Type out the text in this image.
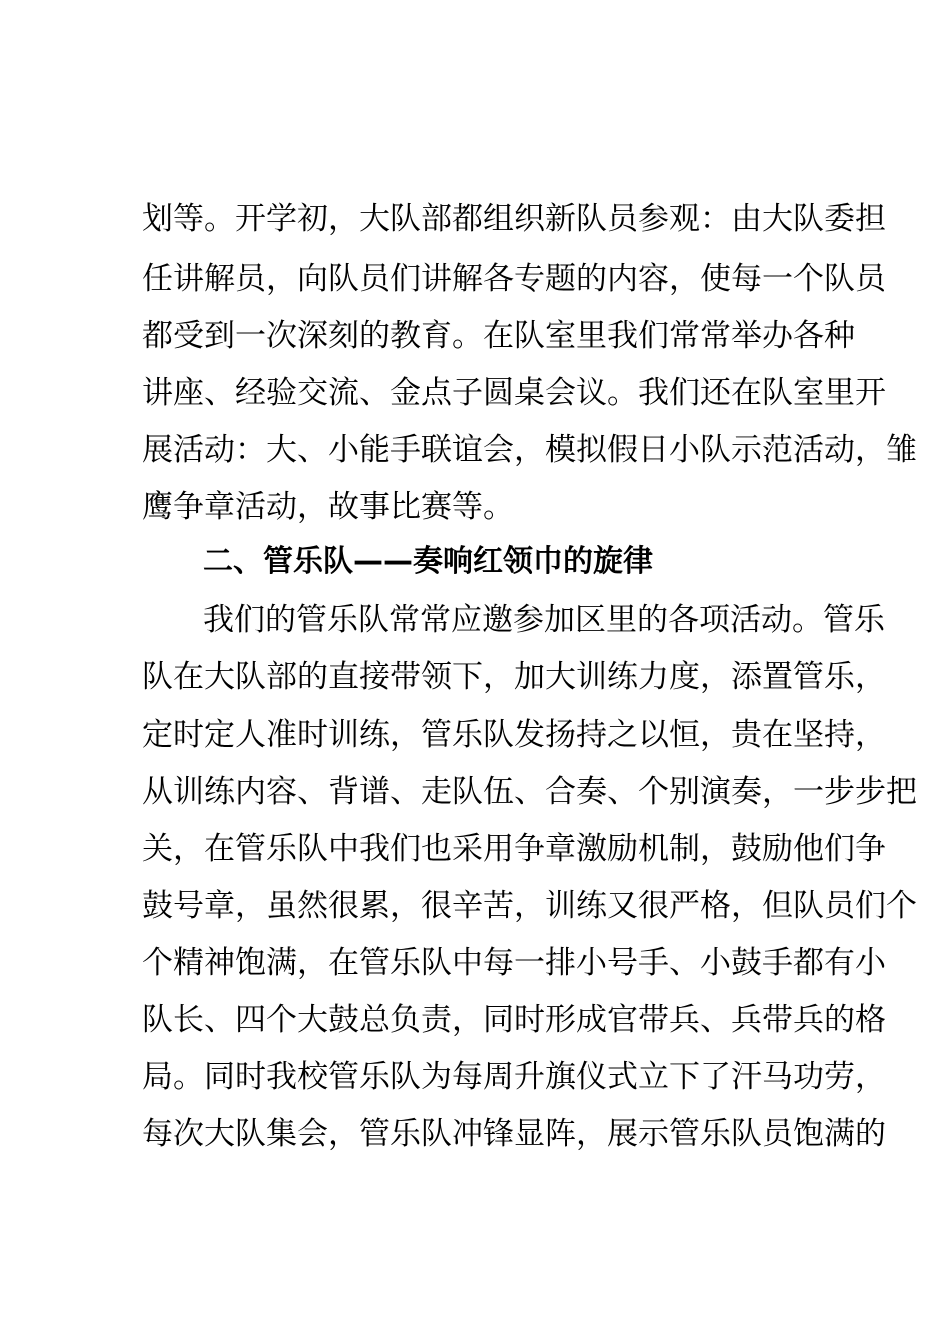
划等。开学初，大队部都组织新队员参观：由大队委担
任讲解员，向队员们讲解各专题的内容，使每一个队员
都受到一次深刻的教育。在队室里我们常常举办各种
讲座、经验交流、金点子圆桌会议。我们还在队室里开
展活动：大、小能手联谊会，模拟假日小队示范活动，雏
鹰争章活动，故事比赛等。
二、管乐队——奏响红领巾的旋律
我们的管乐队常常应邀参加区里的各项活动。管乐
队在大队部的直接带领下，加大训练力度，添置管乐，
定时定人准时训练，管乐队发扬持之以恒，贵在坚持，
从训练内容、背谱、走队伍、合奏、个别演奏，一步步把
关，在管乐队中我们也采用争章激励机制，鼓励他们争
鼓号章，虽然很累，很辛苦，训练又很严格，但队员们个
个精神饱满，在管乐队中每一排小号手、小鼓手都有小
队长、四个大鼓总负责，同时形成官带兵、兵带兵的格
局。同时我校管乐队为每周升旗仪式立下了汗马功劳，
每次大队集会，管乐队冲锋显阵，展示管乐队员饱满的
